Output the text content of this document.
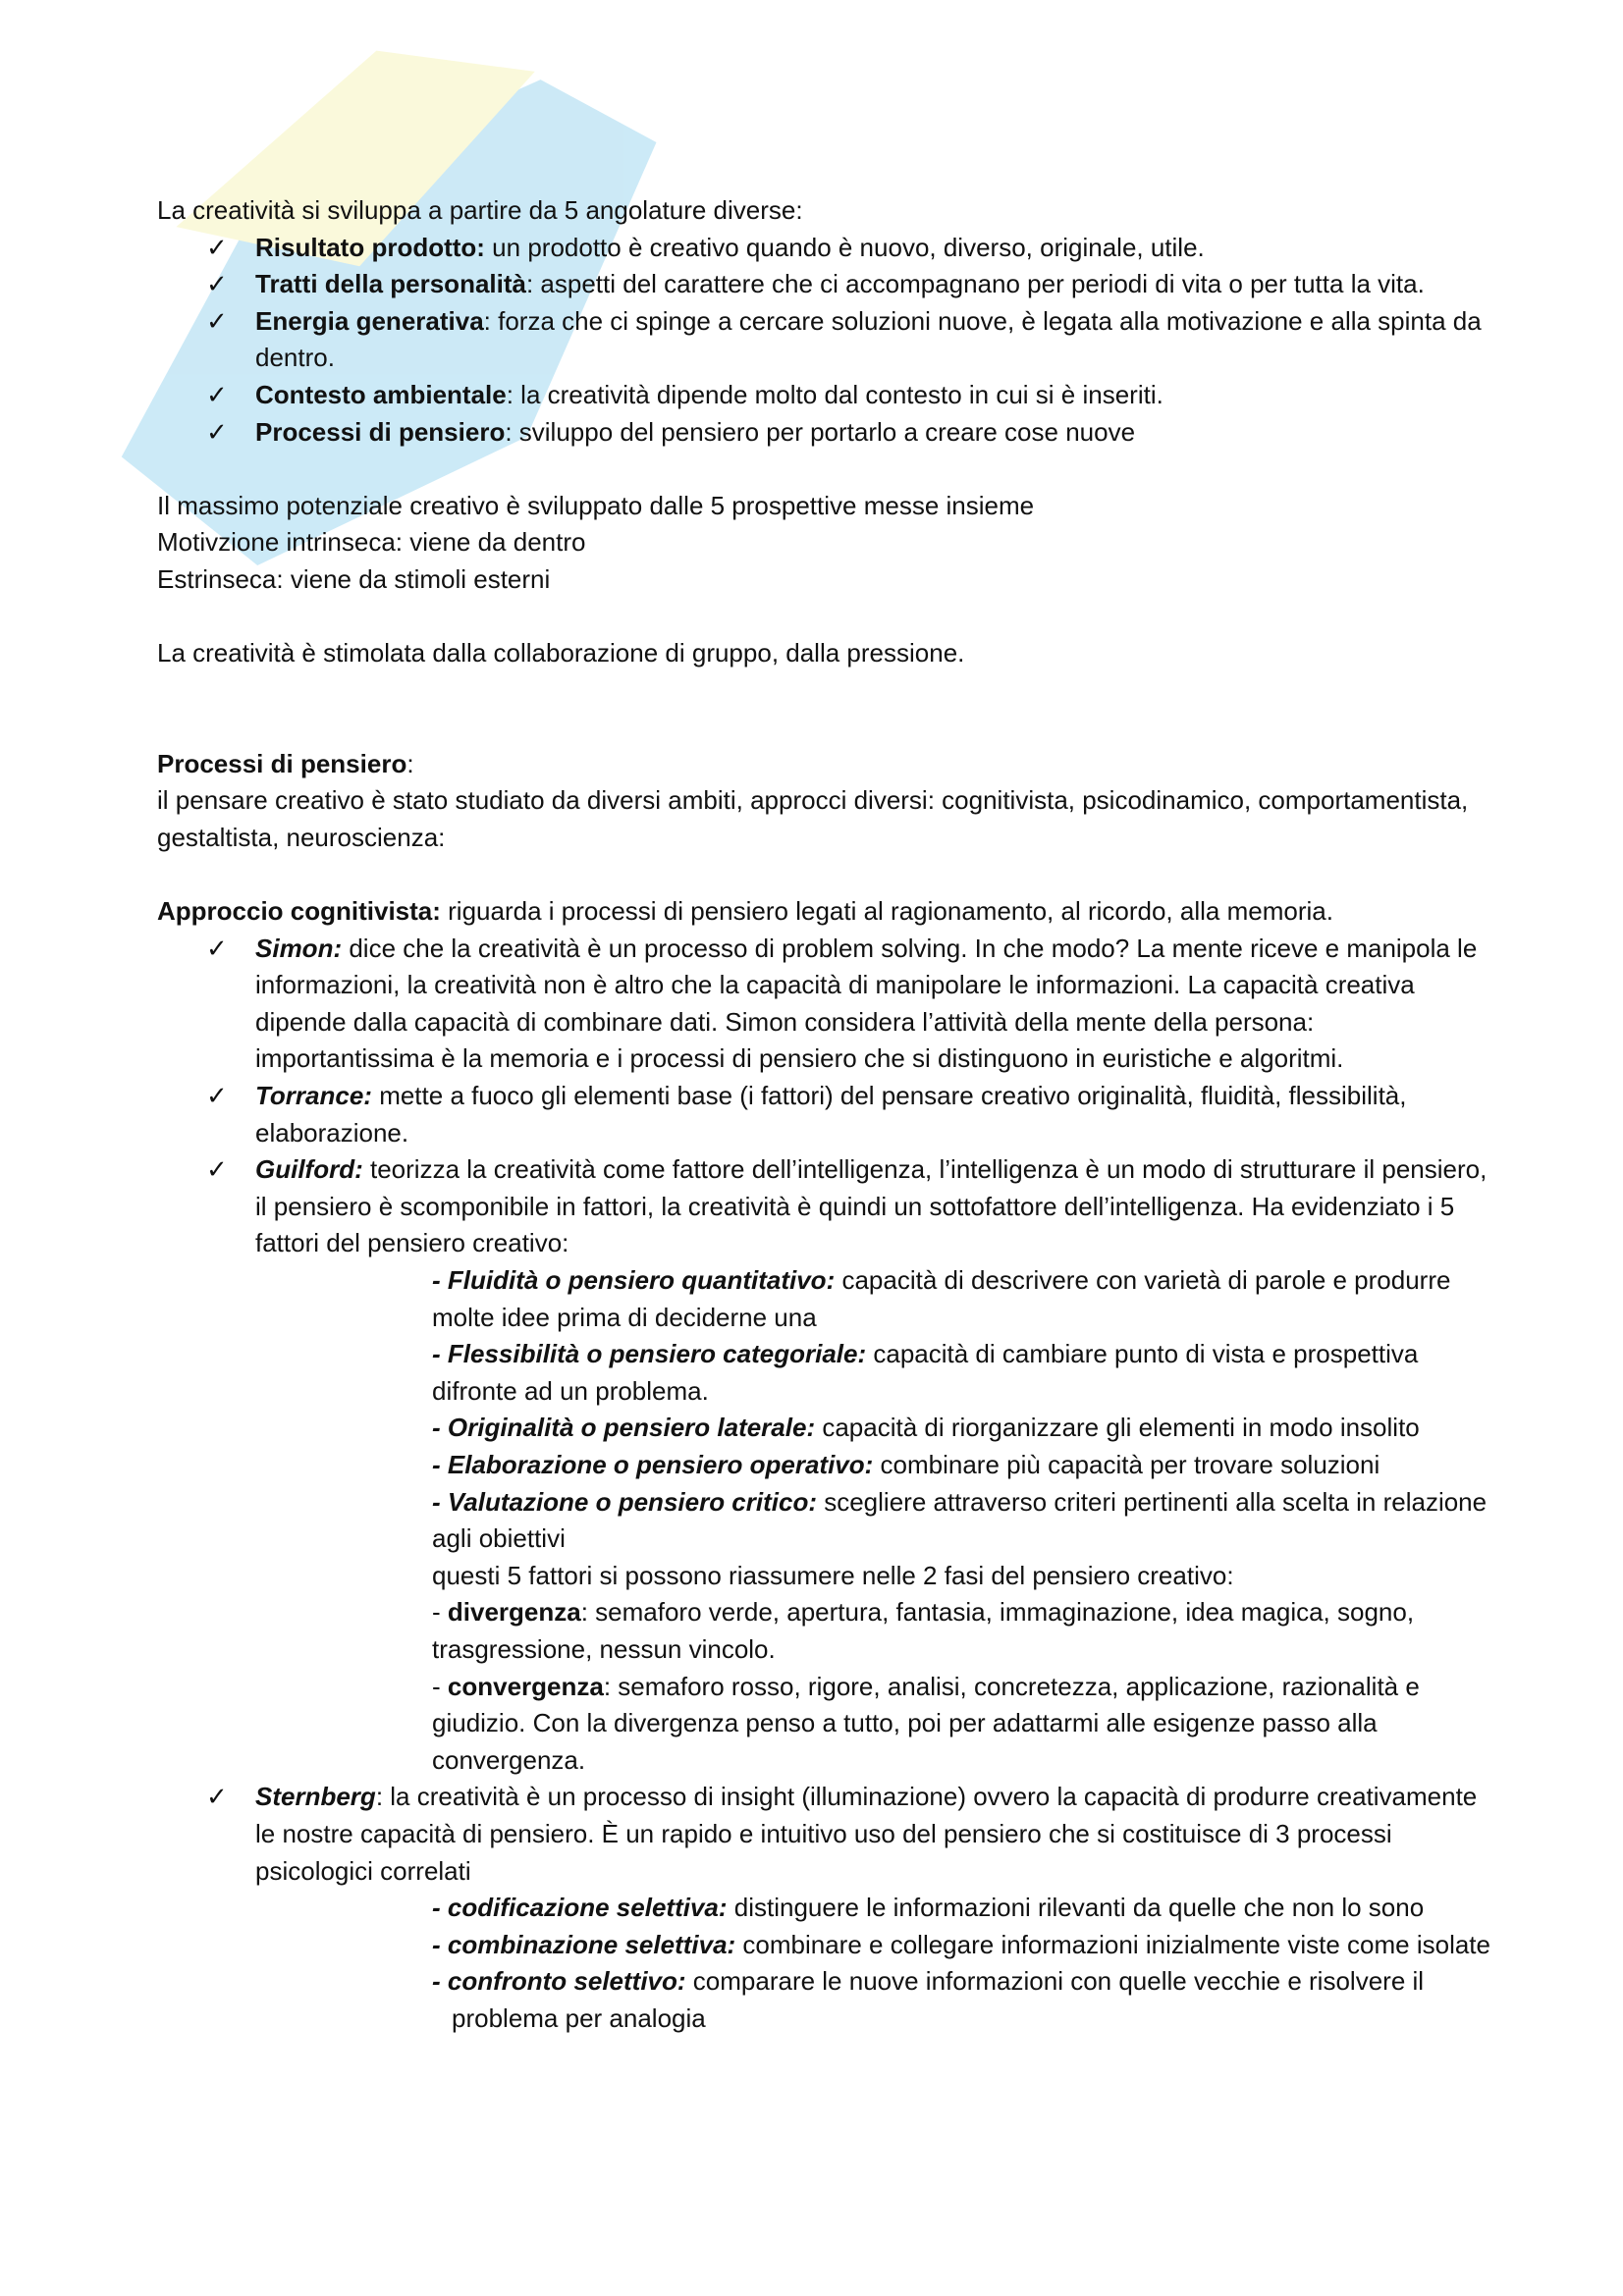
La creatività si sviluppa a partire da 5 angolature diverse:

✓ Risultato prodotto: un prodotto è creativo quando è nuovo, diverso, originale, utile.
✓ Tratti della personalità: aspetti del carattere che ci accompagnano per periodi di vita o per tutta la vita.
✓ Energia generativa: forza che ci spinge a cercare soluzioni nuove, è legata alla motivazione e alla spinta da dentro.
✓ Contesto ambientale: la creatività dipende molto dal contesto in cui si è inseriti.
✓ Processi di pensiero: sviluppo del pensiero per portarlo a creare cose nuove

Il massimo potenziale creativo è sviluppato dalle 5 prospettive messe insieme

Motivzione intrinseca: viene da dentro

Estrinseca: viene da stimoli esterni

La creatività è stimolata dalla collaborazione di gruppo, dalla pressione.

Processi di pensiero:

il pensare creativo è stato studiato da diversi ambiti, approcci diversi: cognitivista, psicodinamico, comportamentista, gestaltista, neuroscienza:

Approccio cognitivista: riguarda i processi di pensiero legati al ragionamento, al ricordo, alla memoria.

✓ Simon: dice che la creatività è un processo di problem solving. In che modo? La mente riceve e manipola le informazioni, la creatività non è altro che la capacità di manipolare le informazioni. La capacità creativa dipende dalla capacità di combinare dati. Simon considera l’attività della mente della persona: importantissima è la memoria e i processi di pensiero che si distinguono in euristiche e algoritmi.
✓ Torrance: mette a fuoco gli elementi base (i fattori) del pensare creativo originalità, fluidità, flessibilità, elaborazione.
✓ Guilford: teorizza la creatività come fattore dell’intelligenza, l’intelligenza è un modo di strutturare il pensiero, il pensiero è scomponibile in fattori, la creatività è quindi un sottofattore dell’intelligenza. Ha evidenziato i 5 fattori del pensiero creativo:

- Fluidità o pensiero quantitativo: capacità di descrivere con varietà di parole e produrre molte idee prima di deciderne una

- Flessibilità o pensiero categoriale: capacità di cambiare punto di vista e prospettiva difronte ad un problema.

- Originalità o pensiero laterale: capacità di riorganizzare gli elementi in modo insolito

- Elaborazione o pensiero operativo: combinare più capacità per trovare soluzioni

- Valutazione o pensiero critico: scegliere attraverso criteri pertinenti alla scelta in relazione agli obiettivi

questi 5 fattori si possono riassumere nelle 2 fasi del pensiero creativo:

- divergenza: semaforo verde, apertura, fantasia, immaginazione, idea magica, sogno, trasgressione, nessun vincolo.

- convergenza: semaforo rosso, rigore, analisi, concretezza, applicazione, razionalità e giudizio. Con la divergenza penso a tutto, poi per adattarmi alle esigenze passo alla convergenza.

✓ Sternberg: la creatività è un processo di insight (illuminazione) ovvero la capacità di produrre creativamente le nostre capacità di pensiero. È un rapido e intuitivo uso del pensiero che si costituisce di 3 processi psicologici correlati

- codificazione selettiva: distinguere le informazioni rilevanti da quelle che non lo sono

- combinazione selettiva: combinare e collegare informazioni inizialmente viste come isolate

- confronto selettivo: comparare le nuove informazioni con quelle vecchie e risolvere il

problema per analogia
